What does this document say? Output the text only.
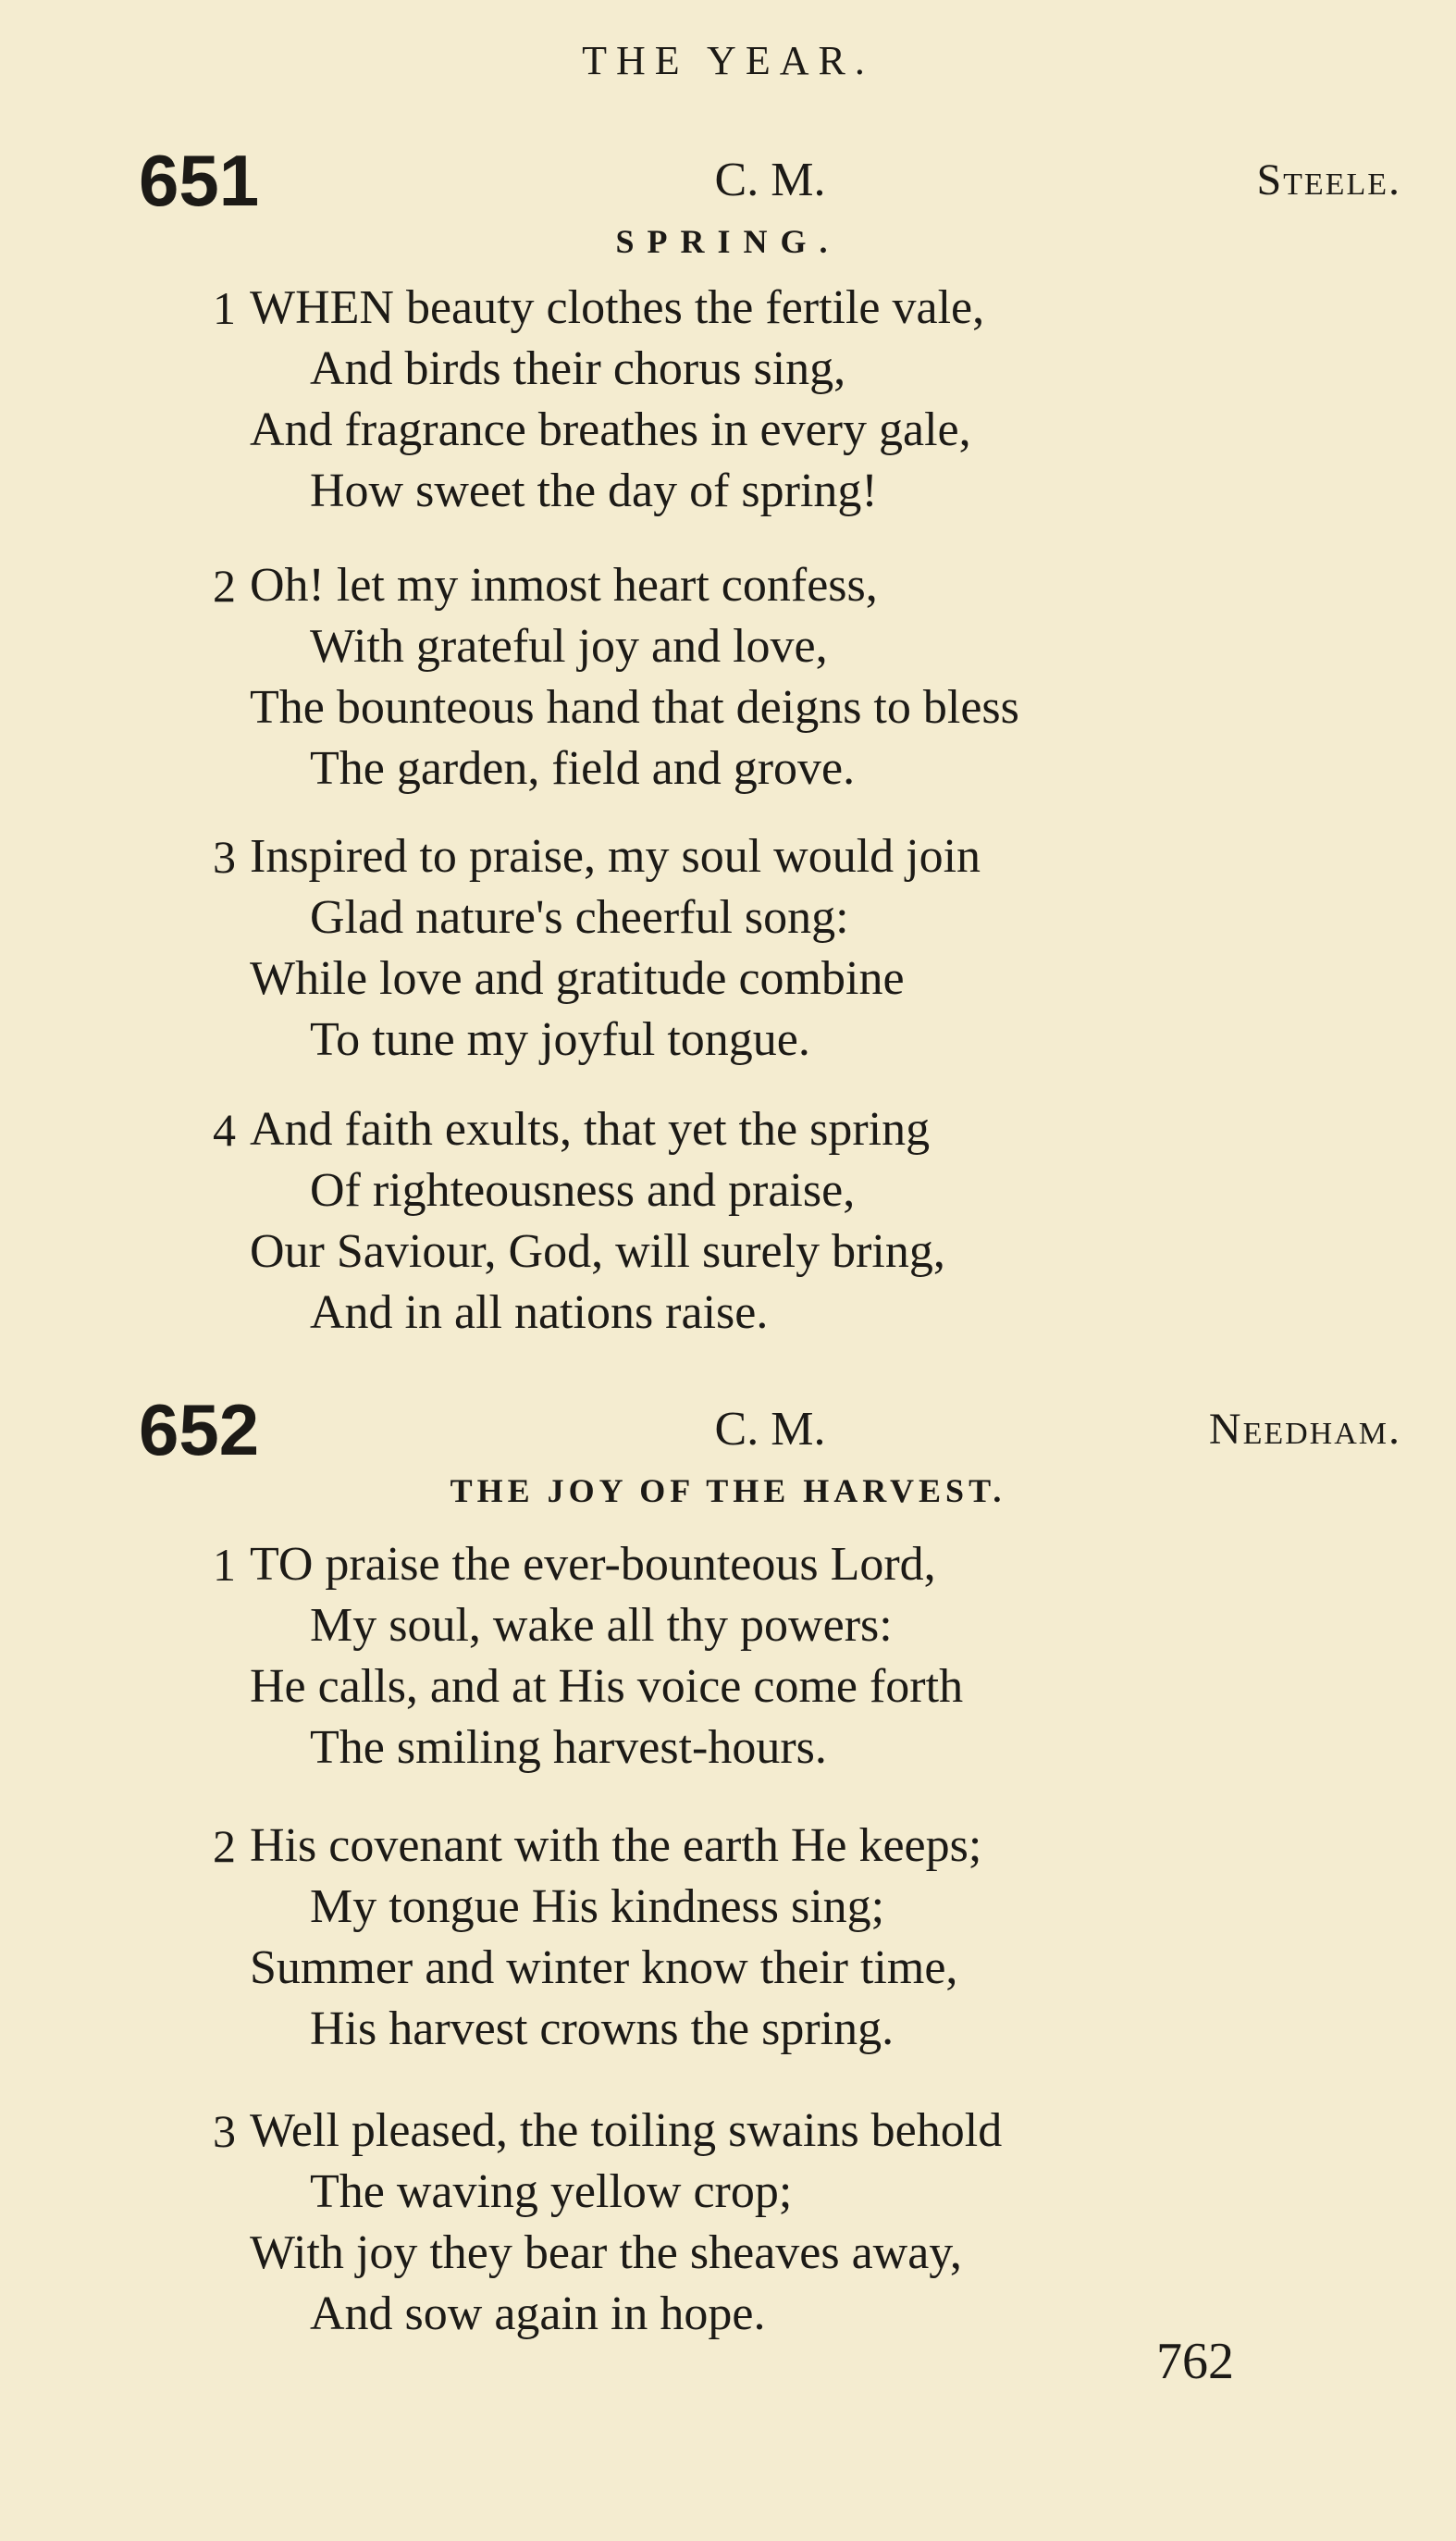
THE YEAR.
651	C. M.	Steele.
SPRING.
1 WHEN beauty clothes the fertile vale,
And birds their chorus sing,
And fragrance breathes in every gale,
How sweet the day of spring!
2 Oh! let my inmost heart confess,
With grateful joy and love,
The bounteous hand that deigns to bless
The garden, field and grove.
3 Inspired to praise, my soul would join
Glad nature's cheerful song:
While love and gratitude combine
To tune my joyful tongue.
4 And faith exults, that yet the spring
Of righteousness and praise,
Our Saviour, God, will surely bring,
And in all nations raise.
652	C. M.	Needham.
THE JOY OF THE HARVEST.
1 TO praise the ever-bounteous Lord,
My soul, wake all thy powers:
He calls, and at His voice come forth
The smiling harvest-hours.
2 His covenant with the earth He keeps;
My tongue His kindness sing;
Summer and winter know their time,
His harvest crowns the spring.
3 Well pleased, the toiling swains behold
The waving yellow crop;
With joy they bear the sheaves away,
And sow again in hope.
762
